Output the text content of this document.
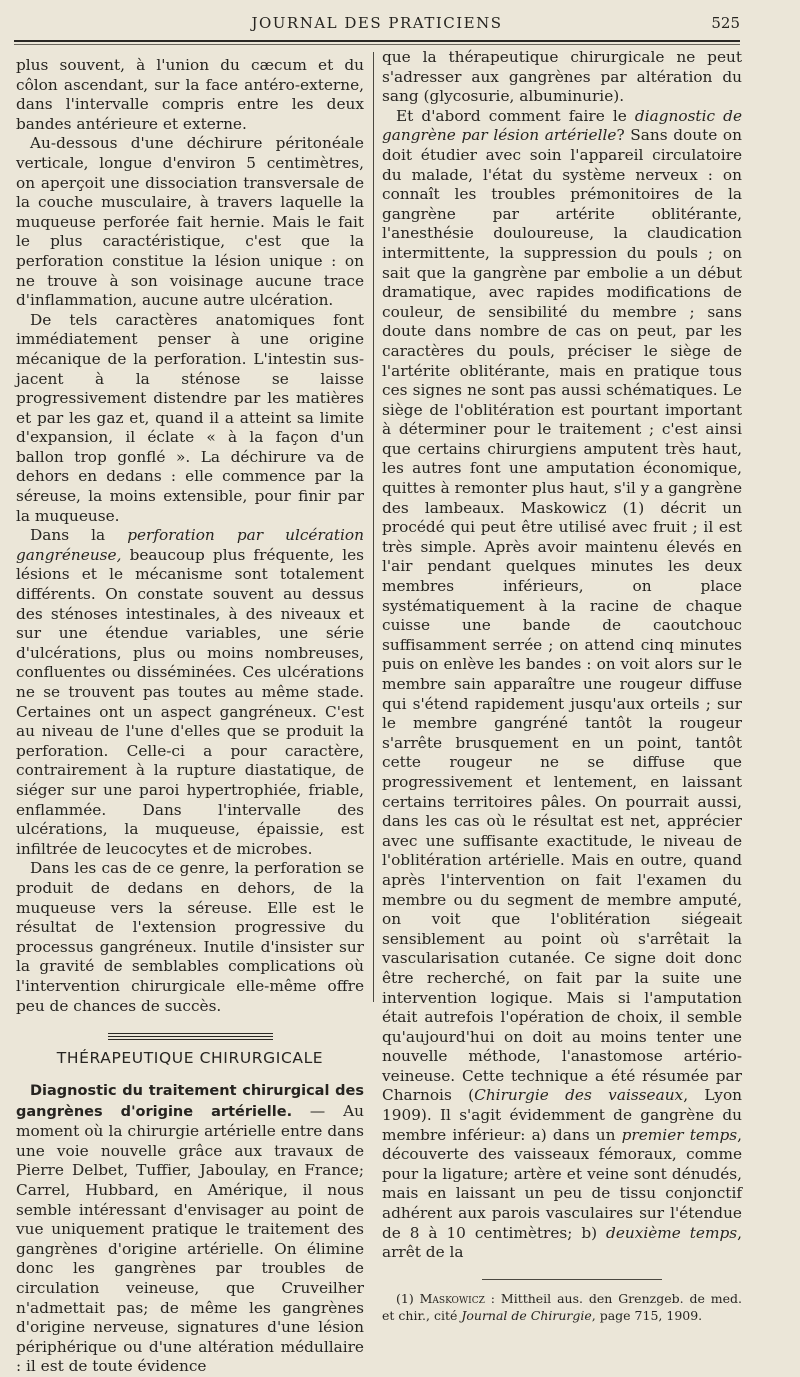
JOURNAL DES PRATICIENS	525

plus souvent, à l'union du cæcum et du côlon ascendant, sur la face antéro-externe, dans l'intervalle compris entre les deux bandes antérieure et externe.

Au-dessous d'une déchirure péritonéale verticale, longue d'environ 5 centimètres, on aperçoit une dissociation transversale de la couche musculaire, à travers laquelle la muqueuse perforée fait hernie. Mais le fait le plus caractéristique, c'est que la perforation constitue la lésion unique : on ne trouve à son voisinage aucune trace d'inflammation, aucune autre ulcération.

De tels caractères anatomiques font immédiatement penser à une origine mécanique de la perforation. L'intestin sus-jacent à la sténose se laisse progressivement distendre par les matières et par les gaz et, quand il a atteint sa limite d'expansion, il éclate « à la façon d'un ballon trop gonflé ». La déchirure va de dehors en dedans : elle commence par la séreuse, la moins extensible, pour finir par la muqueuse.

Dans la perforation par ulcération gangréneuse, beaucoup plus fréquente, les lésions et le mécanisme sont totalement différents. On constate souvent au dessus des sténoses intestinales, à des niveaux et sur une étendue variables, une série d'ulcérations, plus ou moins nombreuses, confluentes ou disséminées. Ces ulcérations ne se trouvent pas toutes au même stade. Certaines ont un aspect gangréneux. C'est au niveau de l'une d'elles que se produit la perforation. Celle-ci a pour caractère, contrairement à la rupture diastatique, de siéger sur une paroi hypertrophiée, friable, enflammée. Dans l'intervalle des ulcérations, la muqueuse, épaissie, est infiltrée de leucocytes et de microbes.

Dans les cas de ce genre, la perforation se produit de dedans en dehors, de la muqueuse vers la séreuse. Elle est le résultat de l'extension progressive du processus gangréneux. Inutile d'insister sur la gravité de semblables complications où l'intervention chirurgicale elle-même offre peu de chances de succès.

THÉRAPEUTIQUE CHIRURGICALE

Diagnostic du traitement chirurgical des gangrènes d'origine artérielle. — Au moment où la chirurgie artérielle entre dans une voie nouvelle grâce aux travaux de Pierre Delbet, Tuffier, Jaboulay, en France; Carrel, Hubbard, en Amérique, il nous semble intéressant d'envisager au point de vue uniquement pratique le traitement des gangrènes d'origine artérielle. On élimine donc les gangrènes par troubles de circulation veineuse, que Cruveilher n'admettait pas; de même les gangrènes d'origine nerveuse, signatures d'une lésion périphérique ou d'une altération médullaire : il est de toute évidence

que la thérapeutique chirurgicale ne peut s'adresser aux gangrènes par altération du sang (glycosurie, albuminurie).

Et d'abord comment faire le diagnostic de gangrène par lésion artérielle? Sans doute on doit étudier avec soin l'appareil circulatoire du malade, l'état du système nerveux : on connaît les troubles prémonitoires de la gangrène par artérite oblitérante, l'anesthésie douloureuse, la claudication intermittente, la suppression du pouls ; on sait que la gangrène par embolie a un début dramatique, avec rapides modifications de couleur, de sensibilité du membre ; sans doute dans nombre de cas on peut, par les caractères du pouls, préciser le siège de l'artérite oblitérante, mais en pratique tous ces signes ne sont pas aussi schématiques. Le siège de l'oblitération est pourtant important à déterminer pour le traitement ; c'est ainsi que certains chirurgiens amputent très haut, les autres font une amputation économique, quittes à remonter plus haut, s'il y a gangrène des lambeaux. Maskowicz (1) décrit un procédé qui peut être utilisé avec fruit ; il est très simple. Après avoir maintenu élevés en l'air pendant quelques minutes les deux membres inférieurs, on place systématiquement à la racine de chaque cuisse une bande de caoutchouc suffisamment serrée ; on attend cinq minutes puis on enlève les bandes : on voit alors sur le membre sain apparaître une rougeur diffuse qui s'étend rapidement jusqu'aux orteils ; sur le membre gangréné tantôt la rougeur s'arrête brusquement en un point, tantôt cette rougeur ne se diffuse que progressivement et lentement, en laissant certains territoires pâles. On pourrait aussi, dans les cas où le résultat est net, apprécier avec une suffisante exactitude, le niveau de l'oblitération artérielle. Mais en outre, quand après l'intervention on fait l'examen du membre ou du segment de membre amputé, on voit que l'oblitération siégeait sensiblement au point où s'arrêtait la vascularisation cutanée. Ce signe doit donc être recherché, on fait par la suite une intervention logique. Mais si l'amputation était autrefois l'opération de choix, il semble qu'aujourd'hui on doit au moins tenter une nouvelle méthode, l'anastomose artério-veineuse. Cette technique a été résumée par Charnois (Chirurgie des vaisseaux, Lyon 1909). Il s'agit évidemment de gangrène du membre inférieur: a) dans un premier temps, découverte des vaisseaux fémoraux, comme pour la ligature; artère et veine sont dénudés, mais en laissant un peu de tissu conjonctif adhérent aux parois vasculaires sur l'étendue de 8 à 10 centimètres; b) deuxième temps, arrêt de la

(1) Maskowicz : Mittheil aus. den Grenzgeb. de med. et chir., cité Journal de Chirurgie, page 715, 1909.
